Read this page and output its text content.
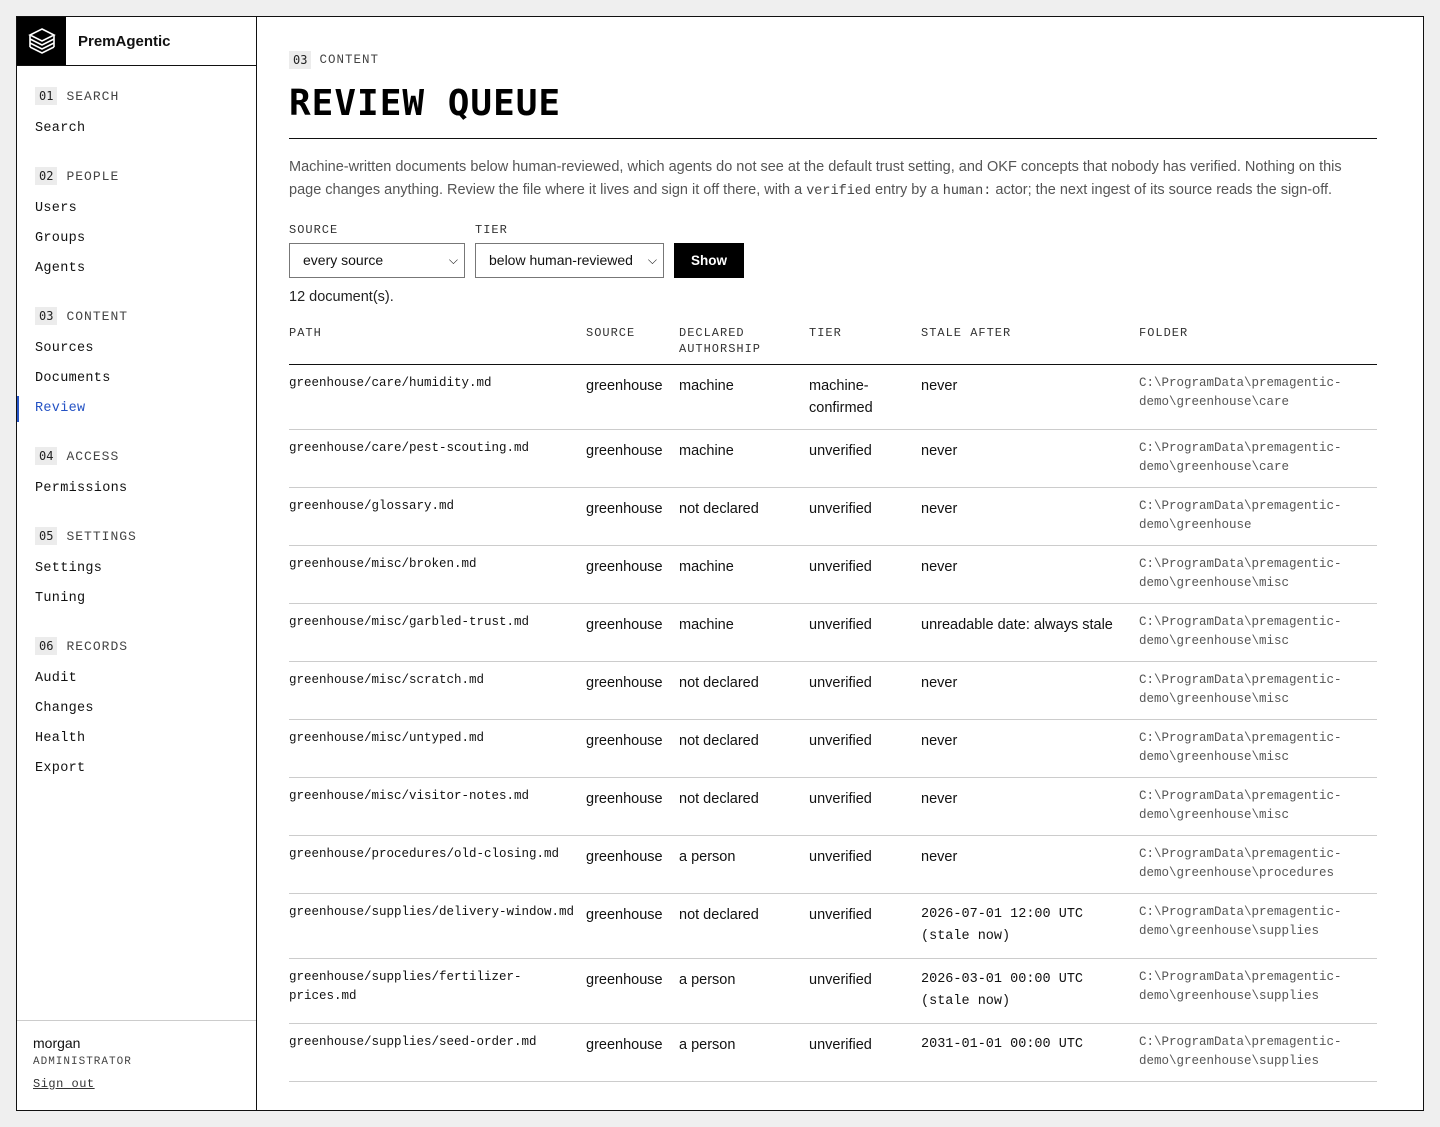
PremAgentic
01	SEARCH
Search
02	PEOPLE
Users
Groups
Agents
03	CONTENT
Sources
Documents
Review
04	ACCESS
Permissions
05	SETTINGS
Settings
Tuning
06	RECORDS
Audit
Changes
Health
Export
morgan
ADMINISTRATOR
Sign out
03 CONTENT
REVIEW QUEUE

Machine-written documents below human-reviewed, which agents do not see at the default trust setting, and OKF concepts that nobody has verified. Nothing on this page changes anything. Review the file where it lives and sign it off there, with a verified entry by a human: actor; the next ingest of its source reads the sign-off.

SOURCE
every source	⌵
TIER
below human-reviewed ⌵	Show
12 document(s).
PATH	SOURCE	DECLARED AUTHORSHIP	TIER	STALE AFTER	FOLDER
greenhouse/care/humidity.md	greenhouse	machine	machine-confirmed	never	C:\ProgramData\premagentic-demo\greenhouse\care
greenhouse/care/pest-scouting.md	greenhouse	machine	unverified	never	C:\ProgramData\premagentic-demo\greenhouse\care
greenhouse/glossary.md	greenhouse	not declared	unverified	never	C:\ProgramData\premagentic-demo\greenhouse
greenhouse/misc/broken.md	greenhouse	machine	unverified	never	C:\ProgramData\premagentic-demo\greenhouse\misc
greenhouse/misc/garbled-trust.md	greenhouse	machine	unverified	unreadable date: always stale	C:\ProgramData\premagentic-demo\greenhouse\misc
greenhouse/misc/scratch.md	greenhouse	not declared	unverified	never	C:\ProgramData\premagentic-demo\greenhouse\misc
greenhouse/misc/untyped.md	greenhouse	not declared	unverified	never	C:\ProgramData\premagentic-demo\greenhouse\misc
greenhouse/misc/visitor-notes.md	greenhouse	not declared	unverified	never	C:\ProgramData\premagentic-demo\greenhouse\misc
greenhouse/procedures/old-closing.md	greenhouse	a person	unverified	never	C:\ProgramData\premagentic-demo\greenhouse\procedures
greenhouse/supplies/delivery-window.md	greenhouse	not declared	unverified	2026-07-01 12:00 UTC (stale now)	C:\ProgramData\premagentic-demo\greenhouse\supplies
greenhouse/supplies/fertilizer-prices.md	greenhouse	a person	unverified	2026-03-01 00:00 UTC (stale now)	C:\ProgramData\premagentic-demo\greenhouse\supplies
greenhouse/supplies/seed-order.md	greenhouse	a person	unverified	2031-01-01 00:00 UTC	C:\ProgramData\premagentic-demo\greenhouse\supplies
